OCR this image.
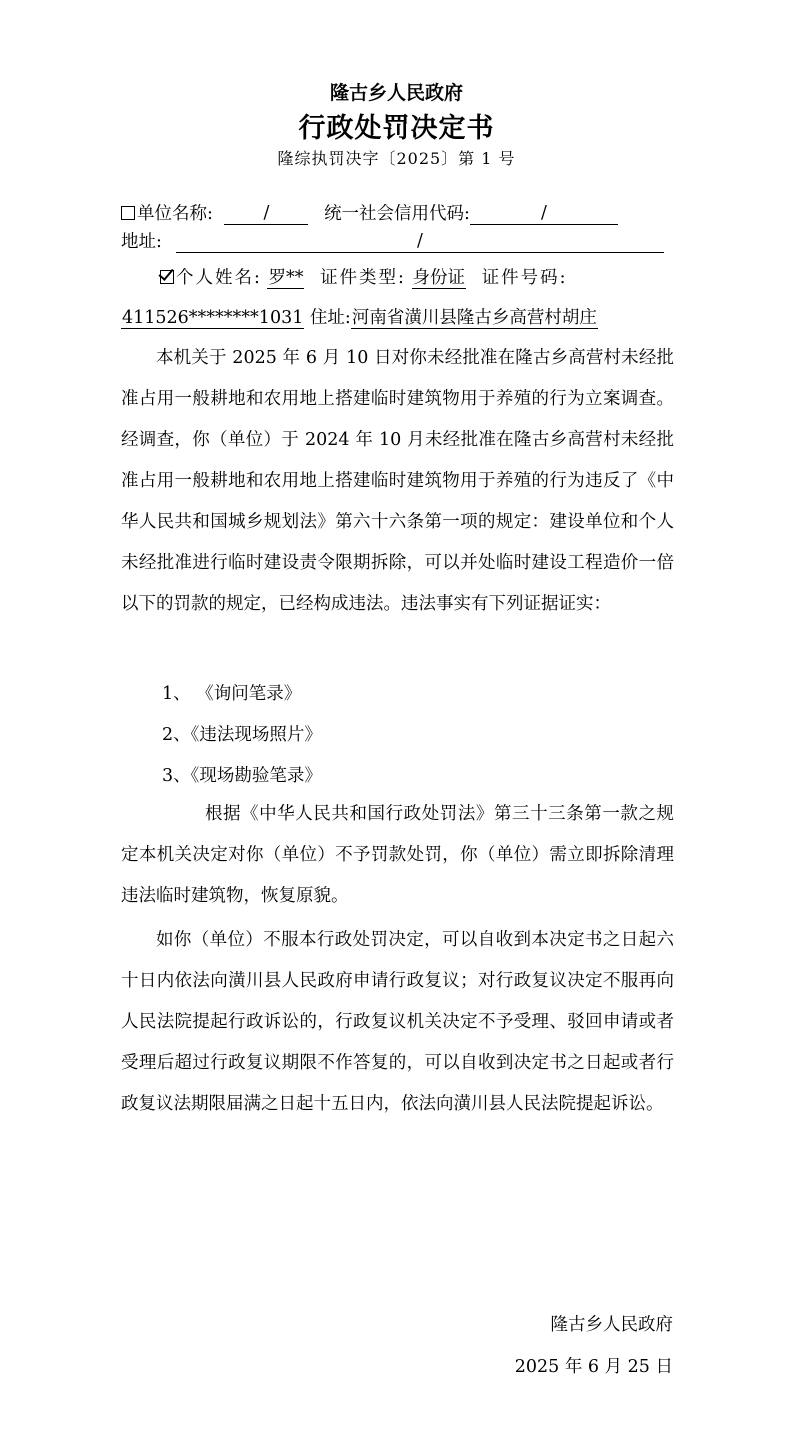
隆古乡人民政府
行政处罚决定书
隆综执罚决字〔2025〕第 1 号
单位名称:	/	统一社会信用代码:	/
地址:	/
个人姓名: 罗** 证件类型: 身份证 证件号码:
411526********1031 住址:河南省潢川县隆古乡高营村胡庄

本机关于 2025 年 6 月 10 日对你未经批准在隆古乡高营村未经批准占用一般耕地和农用地上搭建临时建筑物用于养殖的行为立案调查。经调查，你（单位）于 2024 年 10 月未经批准在隆古乡高营村未经批准占用一般耕地和农用地上搭建临时建筑物用于养殖的行为违反了《中华人民共和国城乡规划法》第六十六条第一项的规定：建设单位和个人未经批准进行临时建设责令限期拆除，可以并处临时建设工程造价一倍以下的罚款的规定，已经构成违法。违法事实有下列证据证实：

1、 《询问笔录》
2、《违法现场照片》
3、《现场勘验笔录》

根据《中华人民共和国行政处罚法》第三十三条第一款之规定本机关决定对你（单位）不予罚款处罚，你（单位）需立即拆除清理违法临时建筑物，恢复原貌。

如你（单位）不服本行政处罚决定，可以自收到本决定书之日起六十日内依法向潢川县人民政府申请行政复议；对行政复议决定不服再向人民法院提起行政诉讼的，行政复议机关决定不予受理、驳回申请或者受理后超过行政复议期限不作答复的，可以自收到决定书之日起或者行政复议法期限届满之日起十五日内，依法向潢川县人民法院提起诉讼。

隆古乡人民政府
2025 年 6 月 25 日
